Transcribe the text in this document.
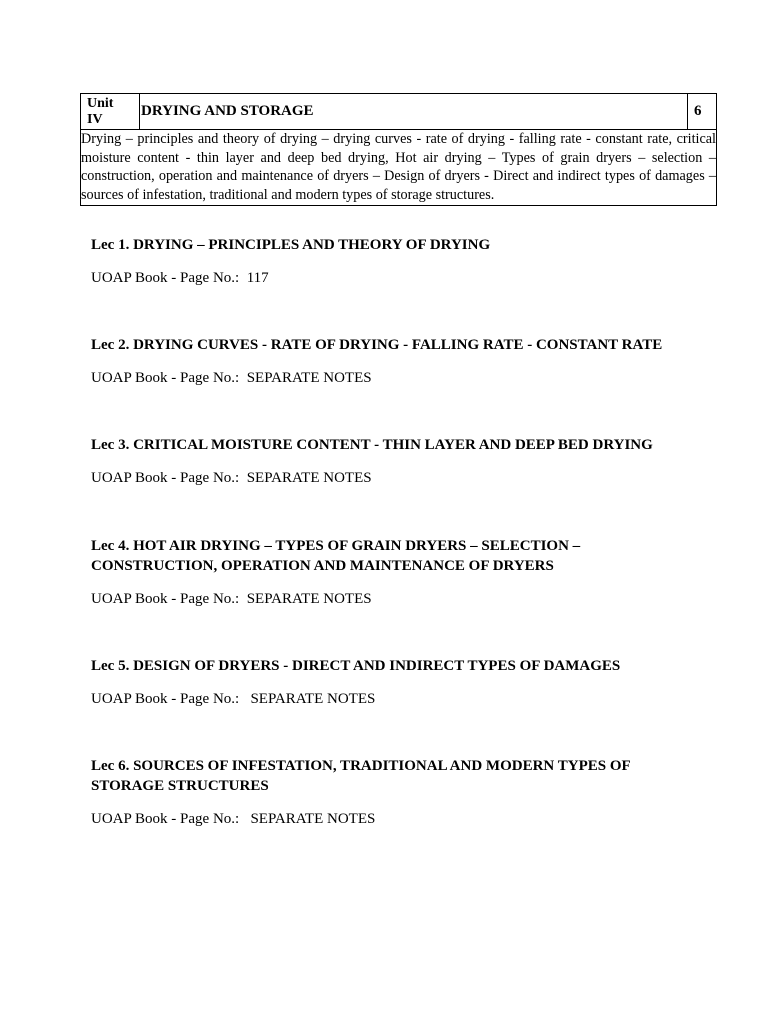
Unit
IV	DRYING AND STORAGE	6
Drying – principles and theory of drying – drying curves - rate of drying - falling rate - constant rate, critical moisture content - thin layer and deep bed drying, Hot air drying – Types of grain dryers – selection – construction, operation and maintenance of dryers – Design of dryers - Direct and indirect types of damages – sources of infestation, traditional and modern types of storage structures.

Lec 1. DRYING – PRINCIPLES AND THEORY OF DRYING

UOAP Book - Page No.:  117

Lec 2. DRYING CURVES - RATE OF DRYING - FALLING RATE - CONSTANT RATE

UOAP Book - Page No.:  SEPARATE NOTES

Lec 3. CRITICAL MOISTURE CONTENT - THIN LAYER AND DEEP BED DRYING

UOAP Book - Page No.:  SEPARATE NOTES

Lec 4. HOT AIR DRYING – TYPES OF GRAIN DRYERS – SELECTION –
CONSTRUCTION, OPERATION AND MAINTENANCE OF DRYERS

UOAP Book - Page No.:  SEPARATE NOTES

Lec 5. DESIGN OF DRYERS - DIRECT AND INDIRECT TYPES OF DAMAGES

UOAP Book - Page No.:   SEPARATE NOTES

Lec 6. SOURCES OF INFESTATION, TRADITIONAL AND MODERN TYPES OF
STORAGE STRUCTURES

UOAP Book - Page No.:   SEPARATE NOTES
